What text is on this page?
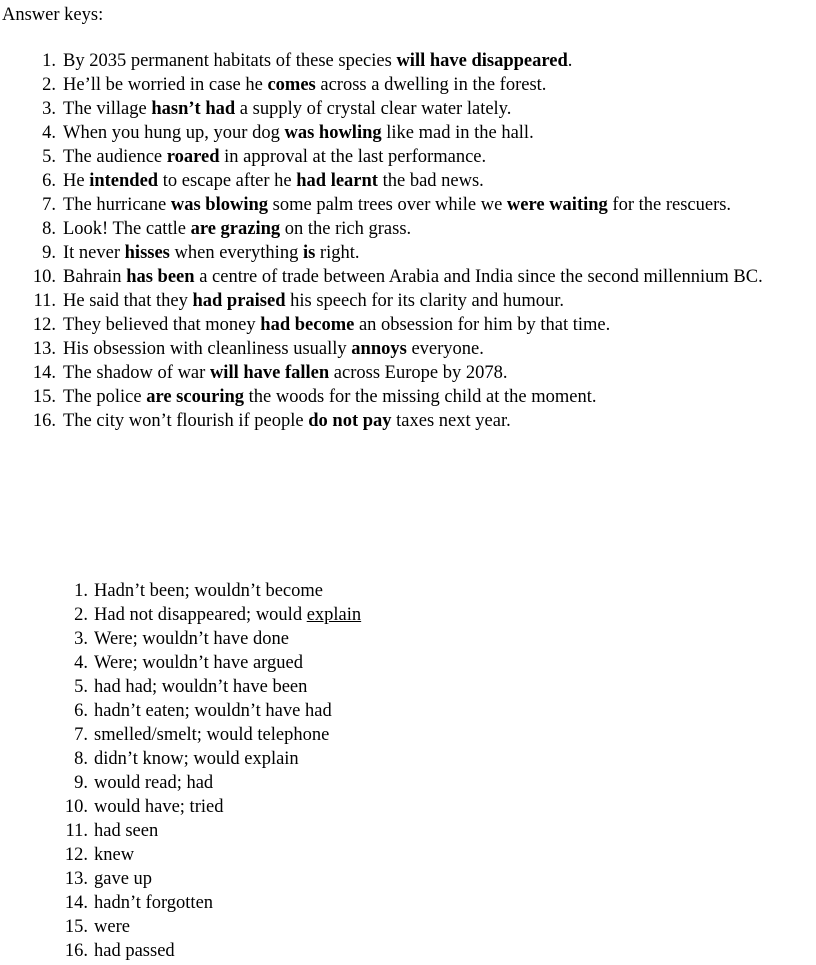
Answer keys:

1. By 2035 permanent habitats of these species will have disappeared.
2. He’ll be worried in case he comes across a dwelling in the forest.
3. The village hasn’t had a supply of crystal clear water lately.
4. When you hung up, your dog was howling like mad in the hall.
5. The audience roared in approval at the last performance.
6. He intended to escape after he had learnt the bad news.
7. The hurricane was blowing some palm trees over while we were waiting for the rescuers.
8. Look! The cattle are grazing on the rich grass.
9. It never hisses when everything is right.
10. Bahrain has been a centre of trade between Arabia and India since the second millennium BC.
11. He said that they had praised his speech for its clarity and humour.
12. They believed that money had become an obsession for him by that time.
13. His obsession with cleanliness usually annoys everyone.
14. The shadow of war will have fallen across Europe by 2078.
15. The police are scouring the woods for the missing child at the moment.
16. The city won’t flourish if people do not pay taxes next year.
1. Hadn’t been; wouldn’t become
2. Had not disappeared; would explain
3. Were; wouldn’t have done
4. Were; wouldn’t have argued
5. had had; wouldn’t have been
6. hadn’t eaten; wouldn’t have had
7. smelled/smelt; would telephone
8. didn’t know; would explain
9. would read; had
10. would have; tried
11. had seen
12. knew
13. gave up
14. hadn’t forgotten
15. were
16. had passed
